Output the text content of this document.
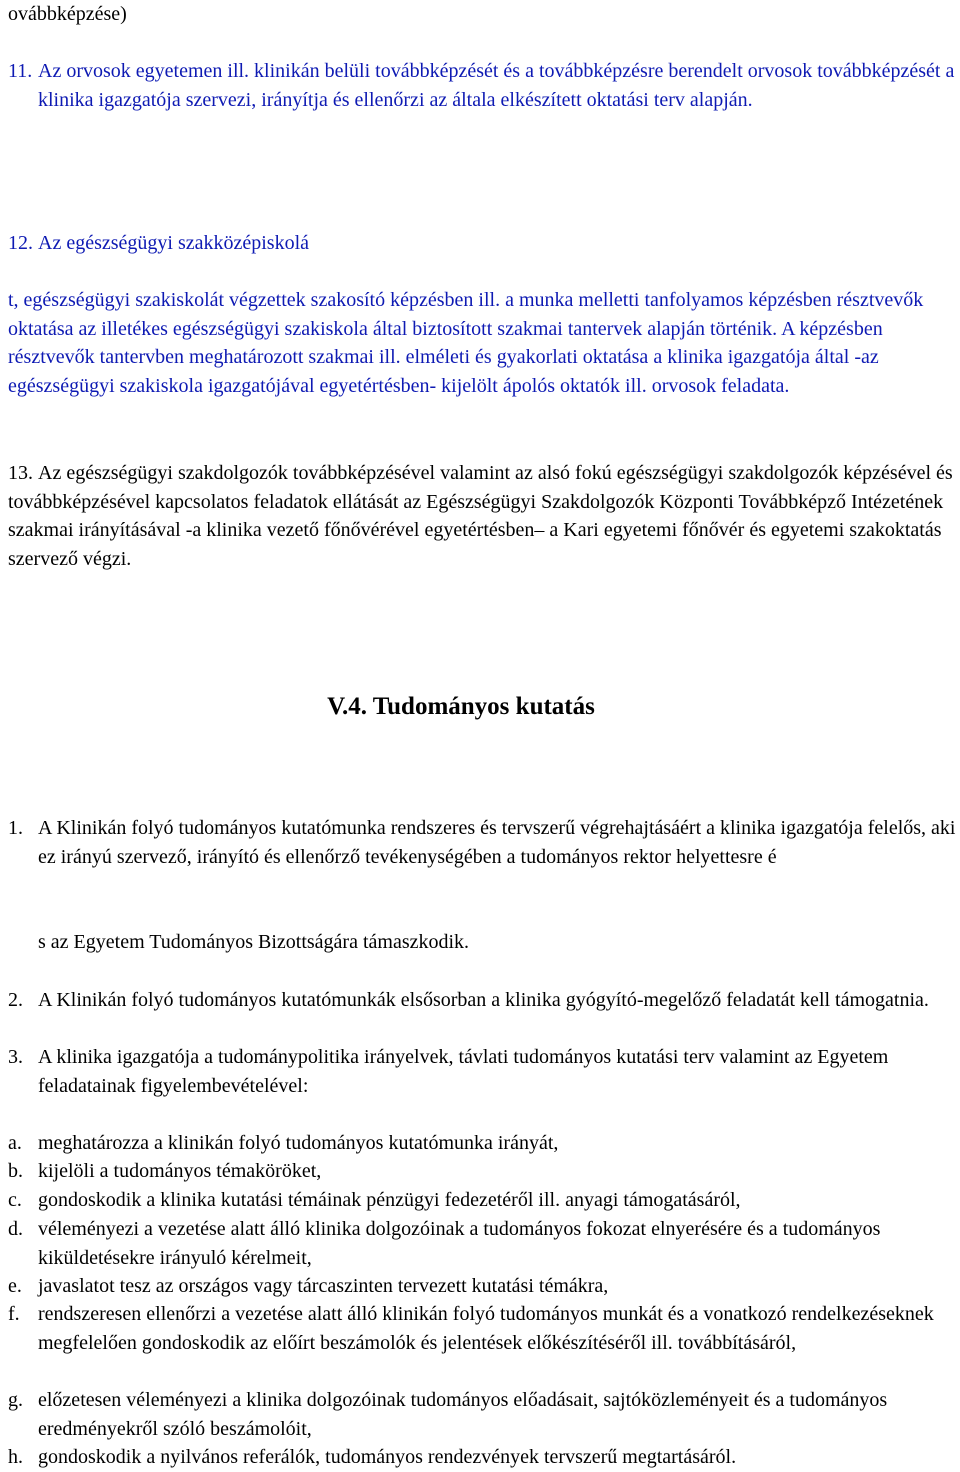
ovábbképzése)

11. Az orvosok egyetemen ill. klinikán belüli továbbképzését és a továbbképzésre berendelt orvosok továbbképzését a klinika igazgatója szervezi, irányítja és ellenőrzi az általa elkészített oktatási terv alapján.
12. Az egészségügyi szakközépiskolá

t, egészségügyi szakiskolát végzettek szakosító képzésben ill. a munka melletti tanfolyamos képzésben résztvevők oktatása az illetékes egészségügyi szakiskola által biztosított szakmai tantervek alapján történik. A képzésben résztvevők tantervben meghatározott szakmai ill. elméleti és gyakorlati oktatása a klinika igazgatója által -az egészségügyi szakiskola igazgatójával egyetértésben- kijelölt ápolós oktatók ill. orvosok feladata.

13. Az egészségügyi szakdolgozók továbbképzésével valamint az alsó fokú egészségügyi szakdolgozók képzésével és továbbképzésével kapcsolatos feladatok ellátását az Egészségügyi Szakdolgozók Központi Továbbképző Intézetének szakmai irányításával -a klinika vezető főnővérével egyetértésben– a Kari egyetemi főnővér és egyetemi szakoktatás szervező végzi.

V.4. Tudományos kutatás
1. A Klinikán folyó tudományos kutatómunka rendszeres és tervszerű végrehajtásáért a klinika igazgatója felelős, aki ez irányú szervező, irányító és ellenőrző tevékenységében a tudományos rektor helyettesre é

s az Egyetem Tudományos Bizottságára támaszkodik.

2. A Klinikán folyó tudományos kutatómunkák elsősorban a klinika gyógyító-megelőző feladatát kell támogatnia.
3. A klinika igazgatója a tudománypolitika irányelvek, távlati tudományos kutatási terv valamint az Egyetem feladatainak figyelembevételével:
a. meghatározza a klinikán folyó tudományos kutatómunka irányát,
b. kijelöli a tudományos témaköröket,
c. gondoskodik a klinika kutatási témáinak pénzügyi fedezetéről ill. anyagi támogatásáról,
d. véleményezi a vezetése alatt álló klinika dolgozóinak a tudományos fokozat elnyerésére és a tudományos kiküldetésekre irányuló kérelmeit,
e. javaslatot tesz az országos vagy tárcaszinten tervezett kutatási témákra,
f. rendszeresen ellenőrzi a vezetése alatt álló klinikán folyó tudományos munkát és a vonatkozó rendelkezéseknek megfelelően gondoskodik az előírt beszámolók és jelentések előkészítéséről ill. továbbításáról,
g. előzetesen véleményezi a klinika dolgozóinak tudományos előadásait, sajtóközleményeit és a tudományos eredményekről szóló beszámolóit,
h. gondoskodik a nyilvános referálók, tudományos rendezvények tervszerű megtartásáról.
